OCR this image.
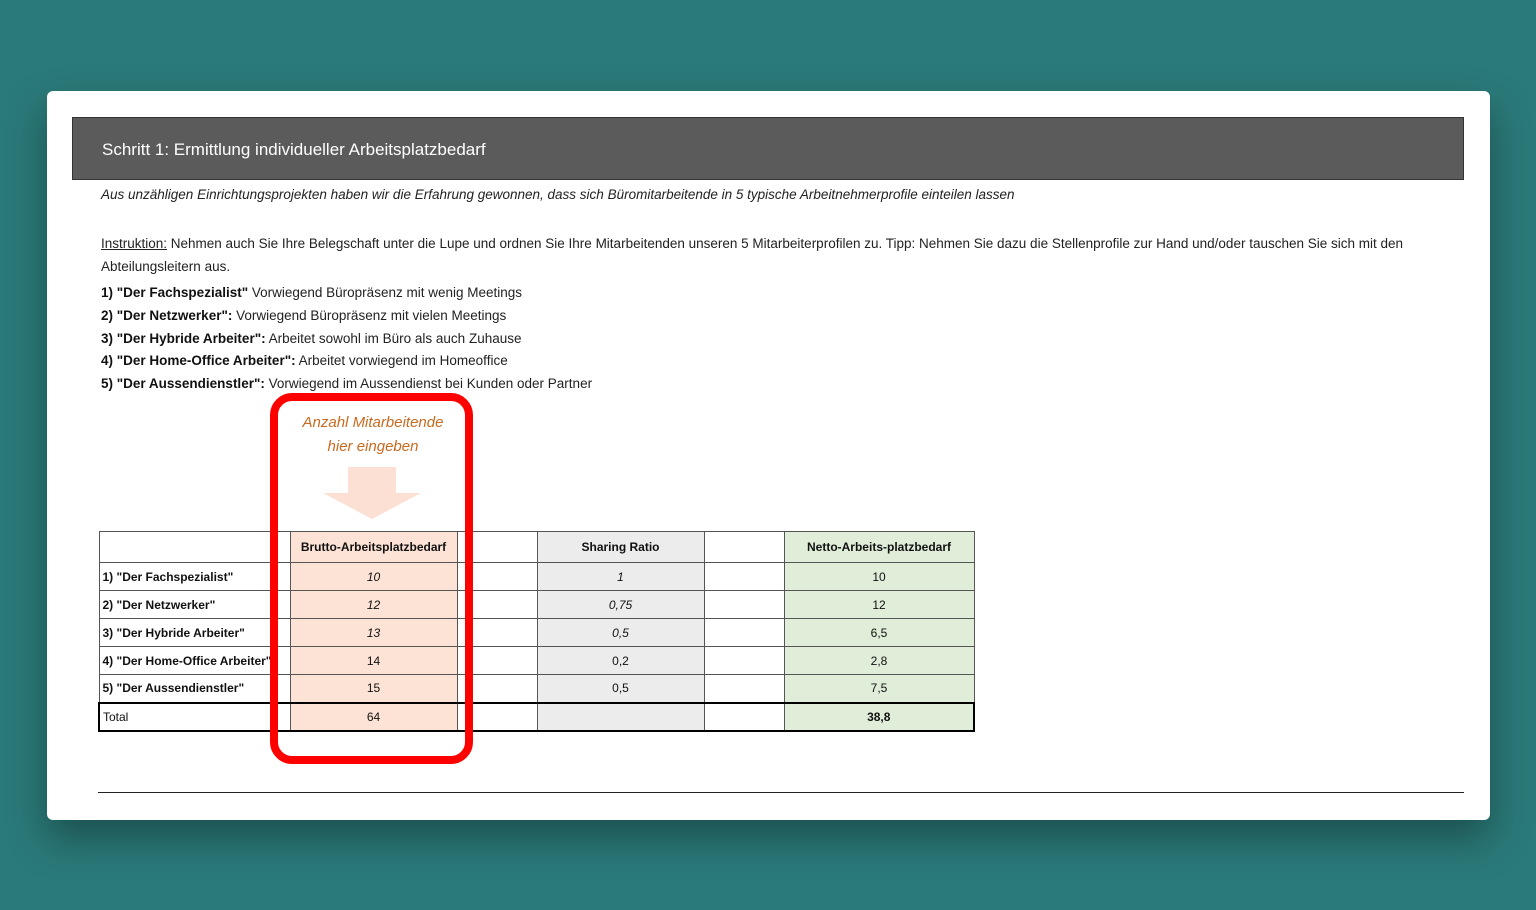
Schritt 1: Ermittlung individueller Arbeitsplatzbedarf
Aus unzähligen Einrichtungsprojekten haben wir die Erfahrung gewonnen, dass sich Büromitarbeitende in 5 typische Arbeitnehmerprofile einteilen lassen
Instruktion: Nehmen auch Sie Ihre Belegschaft unter die Lupe und ordnen Sie Ihre Mitarbeitenden unseren 5 Mitarbeiterprofilen zu. Tipp: Nehmen Sie dazu die Stellenprofile zur Hand und/oder tauschen Sie sich mit den Abteilungsleitern aus.
1) "Der Fachspezialist" Vorwiegend Büropräsenz mit wenig Meetings
2) "Der Netzwerker": Vorwiegend Büropräsenz mit vielen Meetings
3) "Der Hybride Arbeiter": Arbeitet sowohl im Büro als auch Zuhause
4) "Der Home-Office Arbeiter": Arbeitet vorwiegend im Homeoffice
5) "Der Aussendienstler": Vorwiegend im Aussendienst bei Kunden oder Partner
Anzahl Mitarbeitende
hier eingeben
	Brutto-Arbeitsplatzbedarf		Sharing Ratio		Netto-Arbeits-platzbedarf
1) "Der Fachspezialist"	10		1		10
2) "Der Netzwerker"	12		0,75		12
3) "Der Hybride Arbeiter"	13		0,5		6,5
4) "Der Home-Office Arbeiter"	14		0,2		2,8
5) "Der Aussendienstler"	15		0,5		7,5
Total	64				38,8
